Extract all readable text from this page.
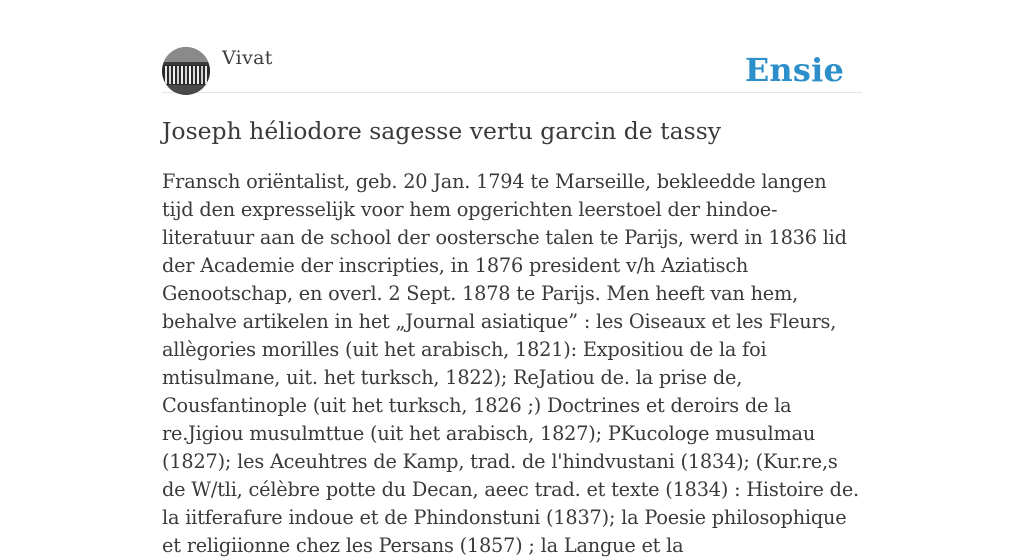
Vivat	Ensie
Joseph héliodore sagesse vertu garcin de tassy

Fransch oriëntalist, geb. 20 Jan. 1794 te Marseille, bekleedde langen tijd den expresselijk voor hem opgerichten leerstoel der hindoe-literatuur aan de school der oostersche talen te Parijs, werd in 1836 lid der Academie der inscripties, in 1876 president v/h Aziatisch Genootschap, en overl. 2 Sept. 1878 te Parijs. Men heeft van hem, behalve artikelen in het „Journal asiatique” : les Oiseaux et les Fleurs, allègories morilles (uit het arabisch, 1821): Expositiou de la foi mtisulmane, uit. het turksch, 1822); ReJatiou de. la prise de, Cousfantinople (uit het turksch, 1826 ;) Doctrines et deroirs de la re.Jigiou musulmttue (uit het arabisch, 1827); PKucologe musulmau (1827); les Aceuhtres de Kamp, trad. de l'hindvustani (1834); (Kur.re,s de W/tli, célèbre potte du Decan, aeec trad. et texte (1834) : Histoire de. la iitferafure indoue et de Phindonstuni (1837); la Poesie philosophique et religiionne chez les Persans (1857) ; la Langue et la
